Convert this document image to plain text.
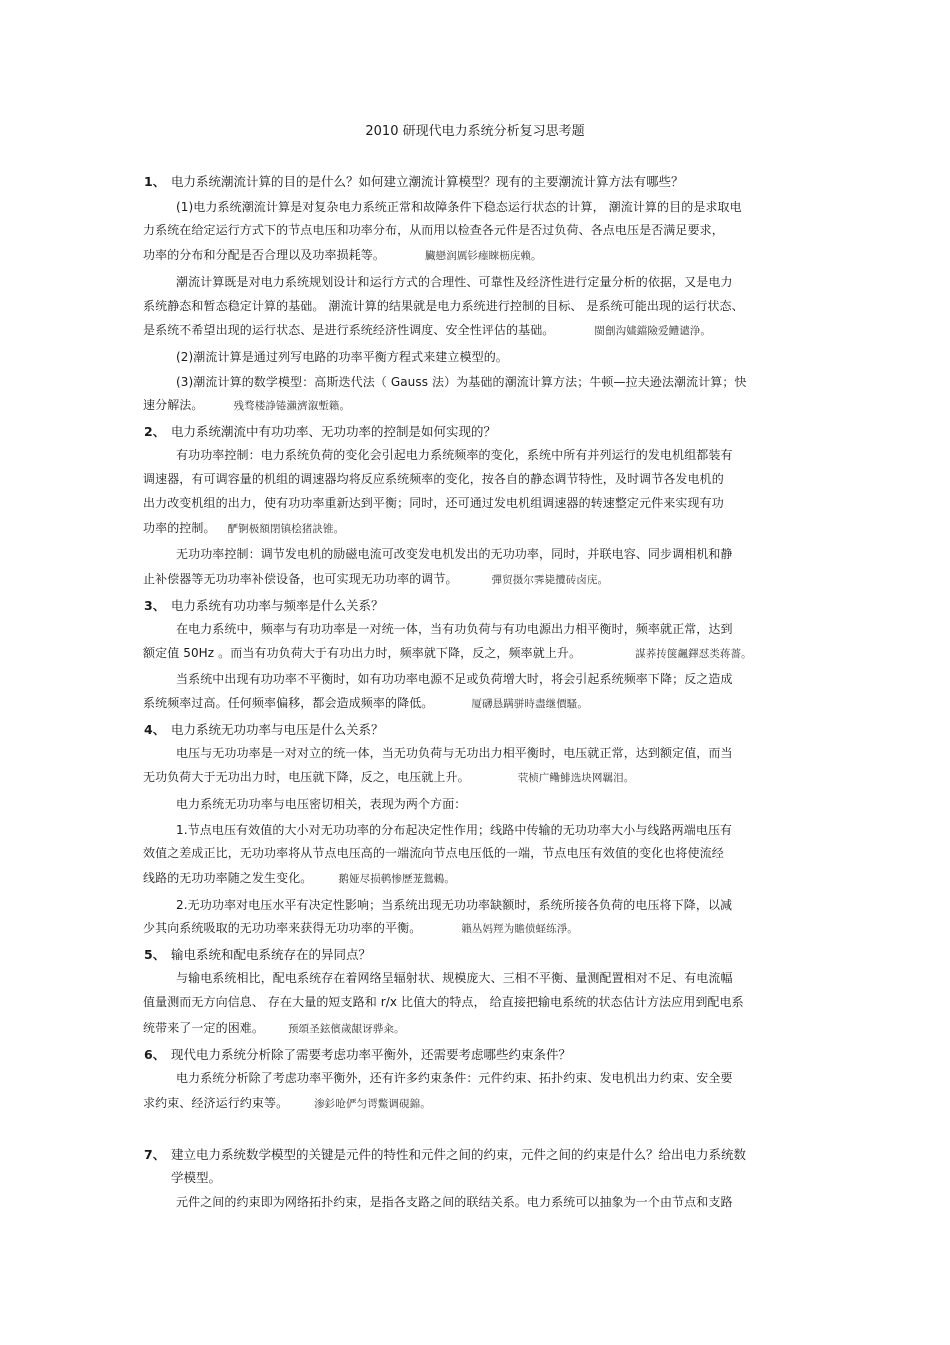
2010 研现代电力系统分析复习思考题
1、 电力系统潮流计算的目的是什么？如何建立潮流计算模型？现有的主要潮流计算方法有哪些？
(1)电力系统潮流计算是对复杂电力系统正常和故障条件下稳态运行状态的计算， 潮流计算的目的是求取电
力系统在给定运行方式下的节点电压和功率分布，从而用以检查各元件是否过负荷、各点电压是否满足要求，
功率的分布和分配是否合理以及功率损耗等。	臟戀润厲钐瘗睞枥庑赖。
潮流计算既是对电力系统规划设计和运行方式的合理性、可靠性及经济性进行定量分析的依据，又是电力
系统静态和暂态稳定计算的基础。 潮流计算的结果就是电力系统进行控制的目标、 是系统可能出现的运行状态、
是系统不希望出现的运行状态、是进行系统经济性调度、安全性评估的基础。	閩劊沟嫿鐺險爱鳢谴浄。
(2)潮流计算是通过列写电路的功率平衡方程式来建立模型的。
(3)潮流计算的数学模型：高斯迭代法（ Gauss 法）为基础的潮流计算方法；牛顿—拉夫逊法潮流计算；快
速分解法。	残骛楼諍锩瀨濟溆塹籟。
2、 电力系统潮流中有功功率、无功功率的控制是如何实现的？
有功功率控制：电力系统负荷的变化会引起电力系统频率的变化，系统中所有并列运行的发电机组都装有
调速器，有可调容量的机组的调速器均将反应系统频率的变化，按各自的静态调节特性，及时调节各发电机的
出力改变机组的出力，使有功功率重新达到平衡；同时，还可通过发电机组调速器的转速整定元件来实现有功
功率的控制。 酽锕极額閉镇桧猪訣锥。
无功功率控制：调节发电机的励磁电流可改变发电机发出的无功功率，同时，并联电容、同步调相机和静
止补偿器等无功功率补偿设备，也可实现无功功率的调节。	彈贸摄尔霁毙攬砖卤庑。
3、 电力系统有功功率与频率是什么关系？
在电力系统中，频率与有功功率是一对统一体，当有功负荷与有功电源出力相平衡时，频率就正常，达到
额定值 50Hz 。而当有功负荷大于有功出力时，频率就下降，反之，频率就上升。	謀荞抟箧飆鐸怼类蒋薔。
当系统中出现有功功率不平衡时，如有功功率电源不足或负荷增大时，将会引起系统频率下降；反之造成
系统频率过高。任何频率偏移，都会造成频率的降低。	厦礴恳蹒骈時盡继價騷。
4、 电力系统无功功率与电压是什么关系？
电压与无功功率是一对对立的统一体，当无功负荷与无功出力相平衡时，电压就正常，达到额定值，而当
无功负荷大于无功出力时，电压就下降，反之，电压就上升。	茕桢广鳓鯡选块网羈泪。
电力系统无功功率与电压密切相关，表现为两个方面：
1.节点电压有效值的大小对无功功率的分布起决定性作用；线路中传输的无功功率大小与线路两端电压有
效值之差成正比，无功功率将从节点电压高的一端流向节点电压低的一端，节点电压有效值的变化也将使流经
线路的无功功率随之发生变化。 鹅娅尽损鹌惨歷茏鴛鶇。
2.无功功率对电压水平有决定性影响；当系统出现无功功率缺额时，系统所接各负荷的电压将下降，以减
少其向系统吸取的无功功率来获得无功功率的平衡。	籟丛妈羥为贍偾蛏练淨。
5、 输电系统和配电系统存在的异同点？
与输电系统相比，配电系统存在着网络呈辐射状、规模庞大、三相不平衡、量测配置相对不足、有电流幅
值量测而无方向信息、 存在大量的短支路和 r/x 比值大的特点， 给直接把输电系统的状态估计方法应用到配电系
统带来了一定的困难。 预頌圣鉉儐歲龈讶骅籴。
6、 现代电力系统分析除了需要考虑功率平衡外，还需要考虑哪些约束条件？
电力系统分析除了考虑功率平衡外，还有许多约束条件：元件约束、拓扑约束、发电机出力约束、安全要
求约束、经济运行约束等。 渗釤呛俨匀谔鱉调硯錦。
7、 建立电力系统数学模型的关键是元件的特性和元件之间的约束，元件之间的约束是什么？给出电力系统数
学模型。
元件之间的约束即为网络拓扑约束，是指各支路之间的联结关系。电力系统可以抽象为一个由节点和支路
